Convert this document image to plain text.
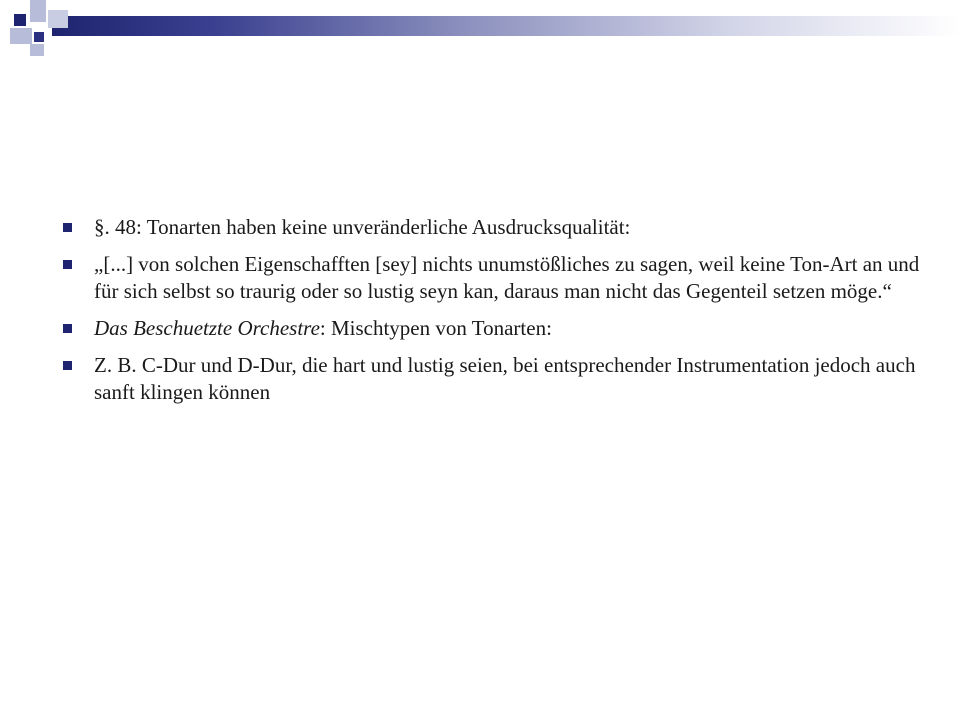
§. 48: Tonarten haben keine unveränderliche Ausdrucksqualität:
„[...] von solchen Eigenschafften [sey] nichts unumstößliches zu sagen, weil keine Ton-Art an und für sich selbst so traurig oder so lustig seyn kan, daraus man nicht das Gegenteil setzen möge.“
Das Beschuetzte Orchestre: Mischtypen von Tonarten:
Z. B. C-Dur und D-Dur, die hart und lustig seien, bei entsprechender Instrumentation jedoch auch sanft klingen können
